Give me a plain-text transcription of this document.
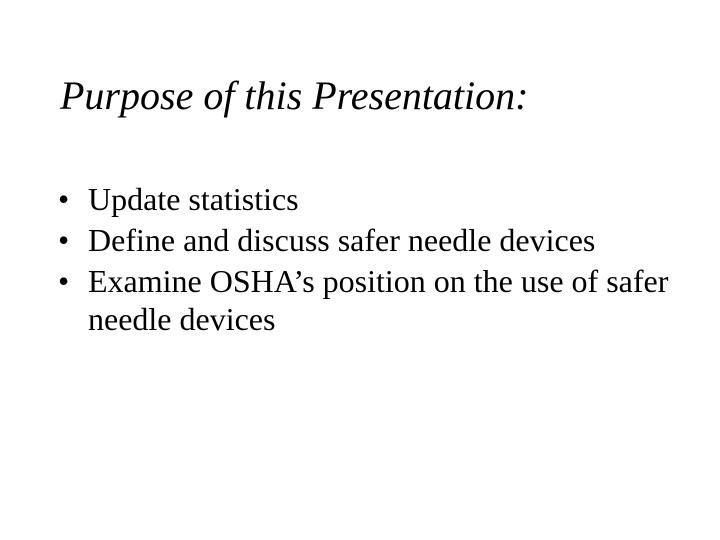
Purpose of this Presentation:
• Update statistics
• Define and discuss safer needle devices
• Examine OSHA’s position on the use of safer needle devices
